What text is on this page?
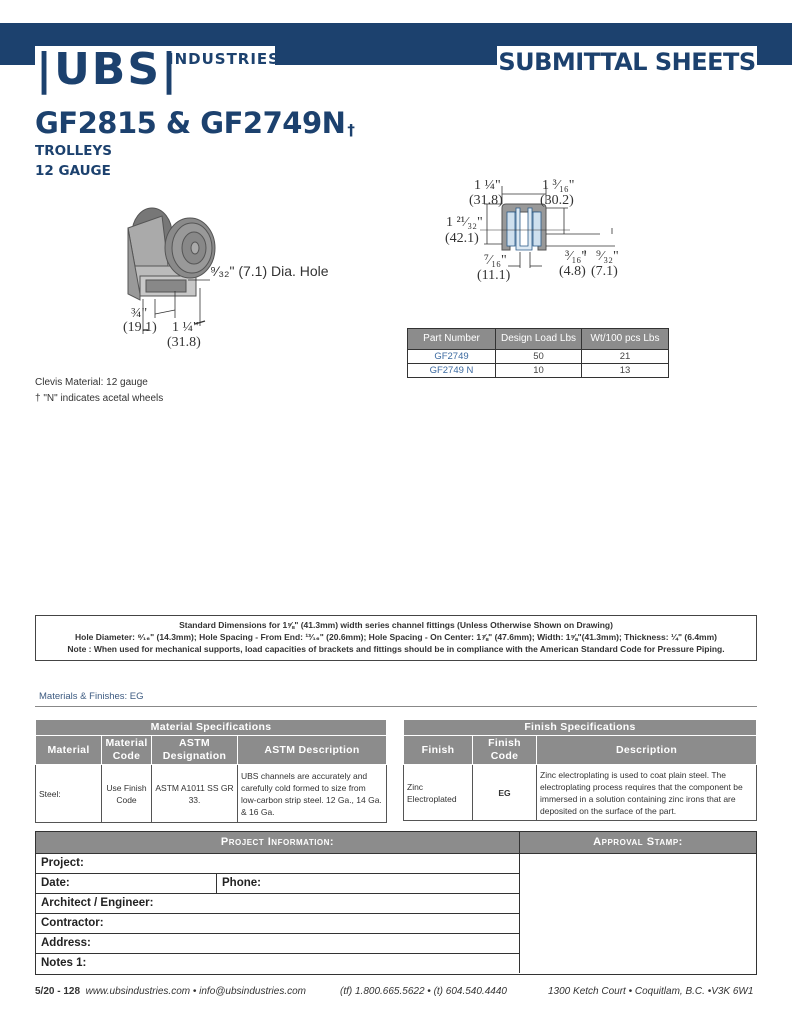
|UBS|
INDUSTRIES	SUBMITTAL SHEETS
GF2815 & GF2749N †
TROLLEYS
12 GAUGE
⁹⁄₃₂" (7.1) Dia. Hole
¾"
(19.1) 1 ¼"
(31.8)
1 ¼"
(31.8)
1 ³⁄₁₆"
(30.2)
1 ²¹⁄₃₂"
(42.1)
⁷⁄₁₆"
(11.1)
³⁄₁₆"
(4.8)
⁹⁄₃₂"
(7.1)
Clevis Material: 12 gauge
† "N" indicates acetal wheels
Part Number	Design Load Lbs	Wt/100 pcs Lbs
GF2749	50	21
GF2749 N	10	13
Standard Dimensions for 1⅝" (41.3mm) width series channel fittings (Unless Otherwise Shown on Drawing)
Hole Diameter: ⁹⁄₁₆" (14.3mm); Hole Spacing - From End: ¹³⁄₁₆" (20.6mm); Hole Spacing - On Center: 1⅞" (47.6mm); Width: 1⅝"(41.3mm); Thickness: ¼" (6.4mm)
Note : When used for mechanical supports, load capacities of brackets and fittings should be in compliance with the American Standard Code for Pressure Piping.
Materials & Finishes: EG
Material Specifications			
Material	Material Code	ASTM Designation	ASTM Description
Steel:	Use Finish Code	ASTM A1011 SS GR 33.	UBS channels are accurately and carefully cold formed to size from low-carbon strip steel. 12 Ga., 14 Ga. & 16 Ga.
Finish Specifications		
Finish	Finish Code	Description
Zinc Electroplated	EG	Zinc electroplating is used to coat plain steel. The electroplating process requires that the component be immersed in a solution containing zinc irons that are deposited on the surface of the part.
Project Information:	Approval Stamp:
Project:
Date:	Phone:
Architect / Engineer:
Contractor:
Address:
Notes 1:
5/20 - 128 www.ubsindustries.com • info@ubsindustries.com	(tf) 1.800.665.5622 • (t) 604.540.4440	1300 Ketch Court • Coquitlam, B.C. •V3K 6W1
